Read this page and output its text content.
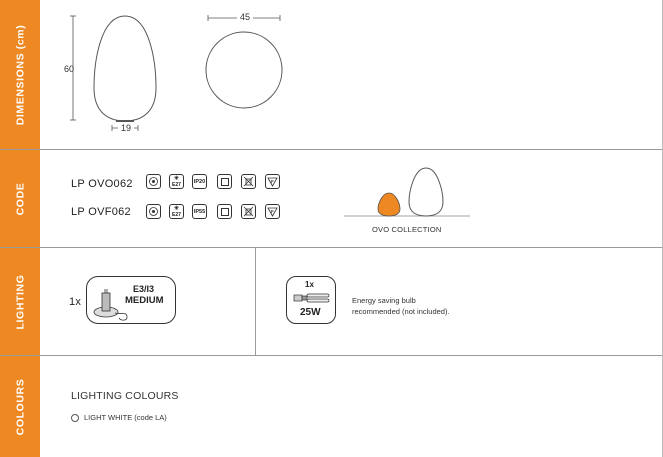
DIMENSIONS (cm)
CODE
LIGHTING
COLOURS
60
19
45
LP OVO062
LP OVF062
☀
E27 IP20	F
☀
E27 IP55	F
OVO COLLECTION
1x
E3/I3
MEDIUM
1x
25W
Energy saving bulb
recommended (not included).
LIGHTING COLOURS
LIGHT WHITE (code LA)
